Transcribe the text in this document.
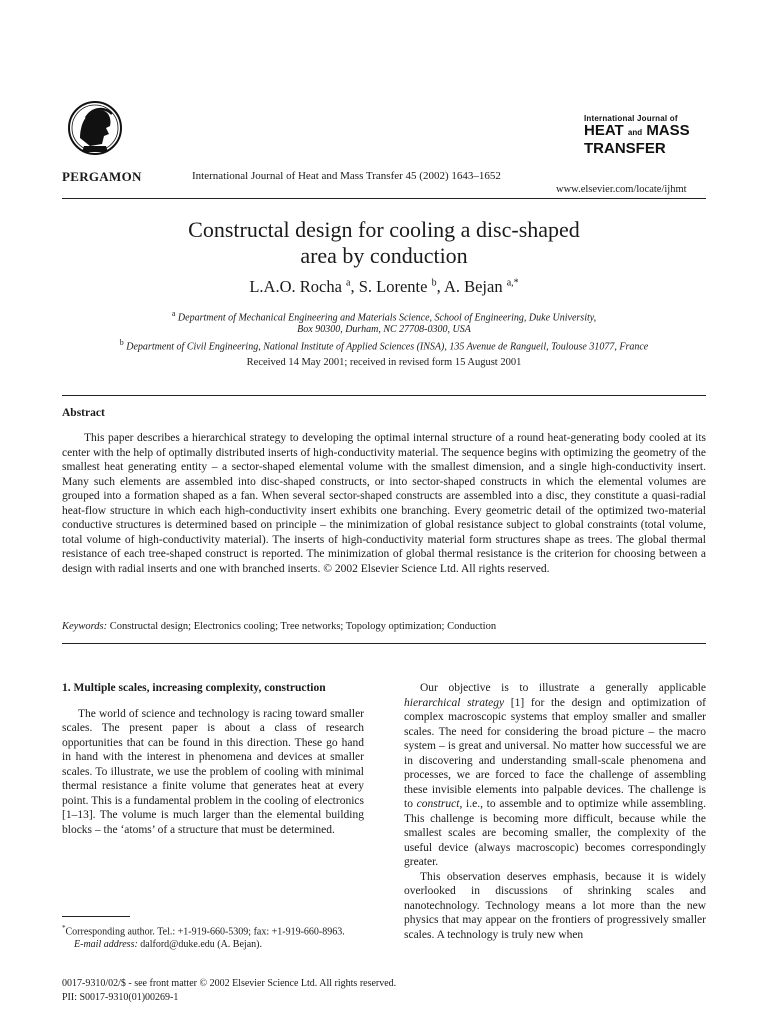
PERGAMON	International Journal of Heat and Mass Transfer 45 (2002) 1643–1652
International Journal of
HEAT and MASS
TRANSFER
www.elsevier.com/locate/ijhmt
Constructal design for cooling a disc-shaped
area by conduction
L.A.O. Rocha $^a$, S. Lorente $^b$, A. Bejan $^{a,*}$
$^a$ Department of Mechanical Engineering and Materials Science, School of Engineering, Duke University,
Box 90300, Durham, NC 27708-0300, USA
$^b$ Department of Civil Engineering, National Institute of Applied Sciences (INSA), 135 Avenue de Rangueil, Toulouse 31077, France
Received 14 May 2001; received in revised form 15 August 2001
Abstract

This paper describes a hierarchical strategy to developing the optimal internal structure of a round heat-generating body cooled at its center with the help of optimally distributed inserts of high-conductivity material. The sequence begins with optimizing the geometry of the smallest heat generating entity – a sector-shaped elemental volume with the smallest dimension, and a single high-conductivity insert. Many such elements are assembled into disc-shaped constructs, or into sector-shaped constructs in which the elemental volumes are grouped into a formation shaped as a fan. When several sector-shaped constructs are assembled into a disc, they constitute a quasi-radial heat-flow structure in which each high-conductivity insert exhibits one branching. Every geometric detail of the optimized two-material conductive structures is determined based on principle – the minimization of global resistance subject to global constraints (total volume, total volume of high-conductivity material). The inserts of high-conductivity material form structures shape as trees. The global thermal resistance of each tree-shaped construct is reported. The minimization of global thermal resistance is the criterion for choosing between a design with radial inserts and one with branched inserts. © 2002 Elsevier Science Ltd. All rights reserved.

Keywords: Constructal design; Electronics cooling; Tree networks; Topology optimization; Conduction

1. Multiple scales, increasing complexity, construction

The world of science and technology is racing toward smaller scales. The present paper is about a class of research opportunities that can be found in this direction. These go hand in hand with the interest in phenomena and devices at smaller scales. To illustrate, we use the problem of cooling with minimal thermal resistance a finite volume that generates heat at every point. This is a fundamental problem in the cooling of electronics [1–13]. The volume is much larger than the elemental building blocks – the ‘atoms’ of a structure that must be determined.

Our objective is to illustrate a generally applicable hierarchical strategy [1] for the design and optimization of complex macroscopic systems that employ smaller and smaller scales. The need for considering the broad picture – the macro system – is great and universal. No matter how successful we are in discovering and understanding small-scale phenomena and processes, we are forced to face the challenge of assembling these invisible elements into palpable devices. The challenge is to construct, i.e., to assemble and to optimize while assembling. This challenge is becoming more difficult, because while the smallest scales are becoming smaller, the complexity of the useful device (always macroscopic) becomes correspondingly greater.

This observation deserves emphasis, because it is widely overlooked in discussions of shrinking scales and nanotechnology. Technology means a lot more than the new physics that may appear on the frontiers of progressively smaller scales. A technology is truly new when

*Corresponding author. Tel.: +1-919-660-5309; fax: +1-919-660-8963.

E-mail address: dalford@duke.edu (A. Bejan).

0017-9310/02/$ - see front matter © 2002 Elsevier Science Ltd. All rights reserved.
PII: S0017-9310(01)00269-1
